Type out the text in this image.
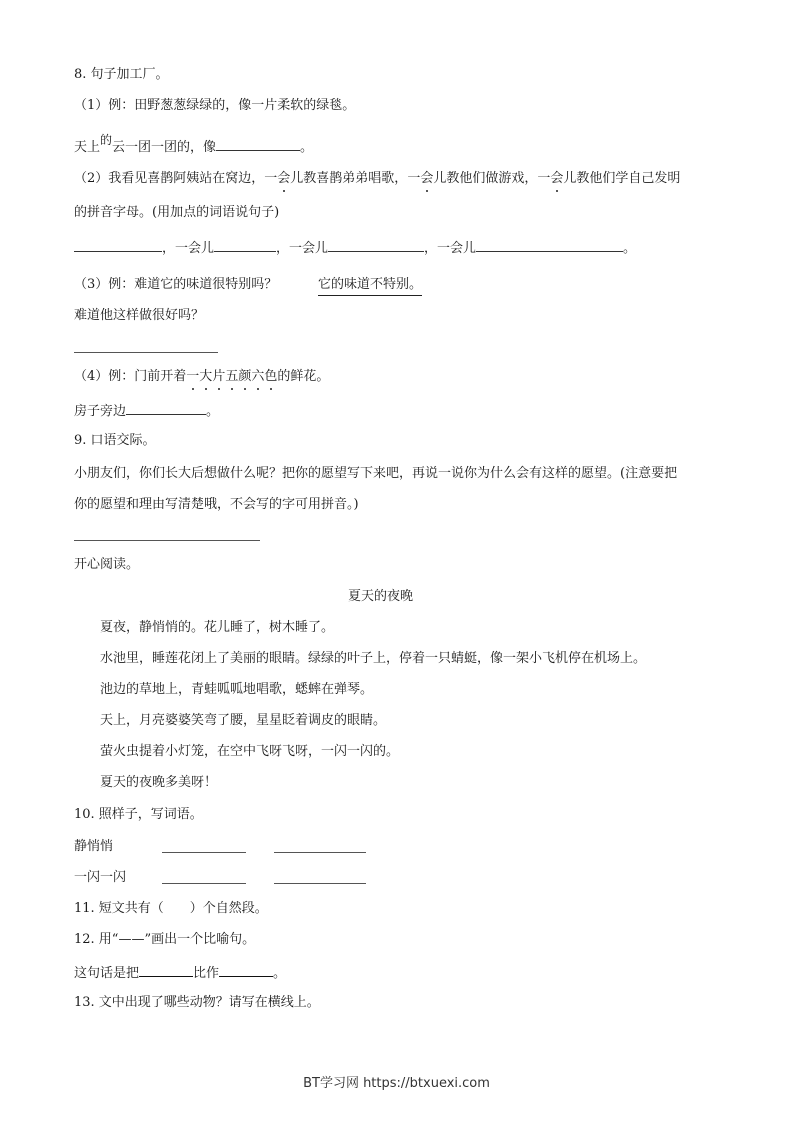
8. 句子加工厂。
（1）例：田野葱葱绿绿的，像一片柔软的绿毯。
天上的云一团一团的，像	。
（2）我看见喜鹊阿姨站在窝边，一会儿教喜鹊弟弟唱歌，一会儿教他们做游戏，一会儿教他们学自己发明
的拼音字母。(用加点的词语说句子)
，一会儿	，一会儿	，一会儿	。
（3）例：难道它的味道很特别吗？	它的味道不特别。
难道他这样做很好吗？
（4）例：门前开着一大片五颜六色的鲜花。
房子旁边	。
9. 口语交际。
小朋友们，你们长大后想做什么呢？把你的愿望写下来吧，再说一说你为什么会有这样的愿望。(注意要把
你的愿望和理由写清楚哦，不会写的字可用拼音。)
开心阅读。
夏天的夜晚
夏夜，静悄悄的。花儿睡了，树木睡了。
水池里，睡莲花闭上了美丽的眼睛。绿绿的叶子上，停着一只蜻蜓，像一架小飞机停在机场上。
池边的草地上，青蛙呱呱地唱歌，蟋蟀在弹琴。
天上，月亮婆婆笑弯了腰，星星眨着调皮的眼睛。
萤火虫提着小灯笼，在空中飞呀飞呀，一闪一闪的。
夏天的夜晚多美呀！
10. 照样子，写词语。
静悄悄
一闪一闪
11. 短文共有（　　）个自然段。
12. 用“——”画出一个比喻句。
这句话是把	比作	。
13. 文中出现了哪些动物？请写在横线上。
BT学习网 https://btxuexi.com
